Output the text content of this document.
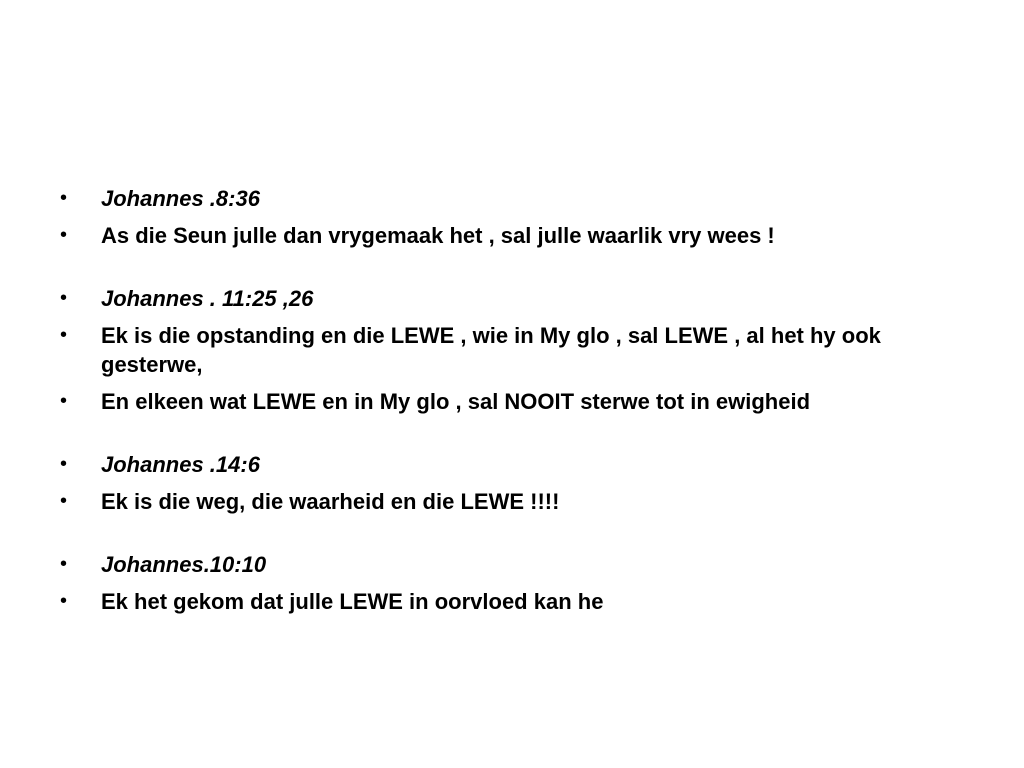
• Johannes .8:36
• As die Seun julle dan vrygemaak het , sal julle waarlik vry wees !
• Johannes . 11:25 ,26
• Ek is die opstanding en die LEWE , wie in My glo , sal LEWE , al het hy ook gesterwe,
• En elkeen wat LEWE en in My glo , sal NOOIT sterwe tot in ewigheid
• Johannes .14:6
• Ek is die weg, die waarheid en die LEWE !!!!
• Johannes.10:10
• Ek het gekom dat julle LEWE in oorvloed kan he
